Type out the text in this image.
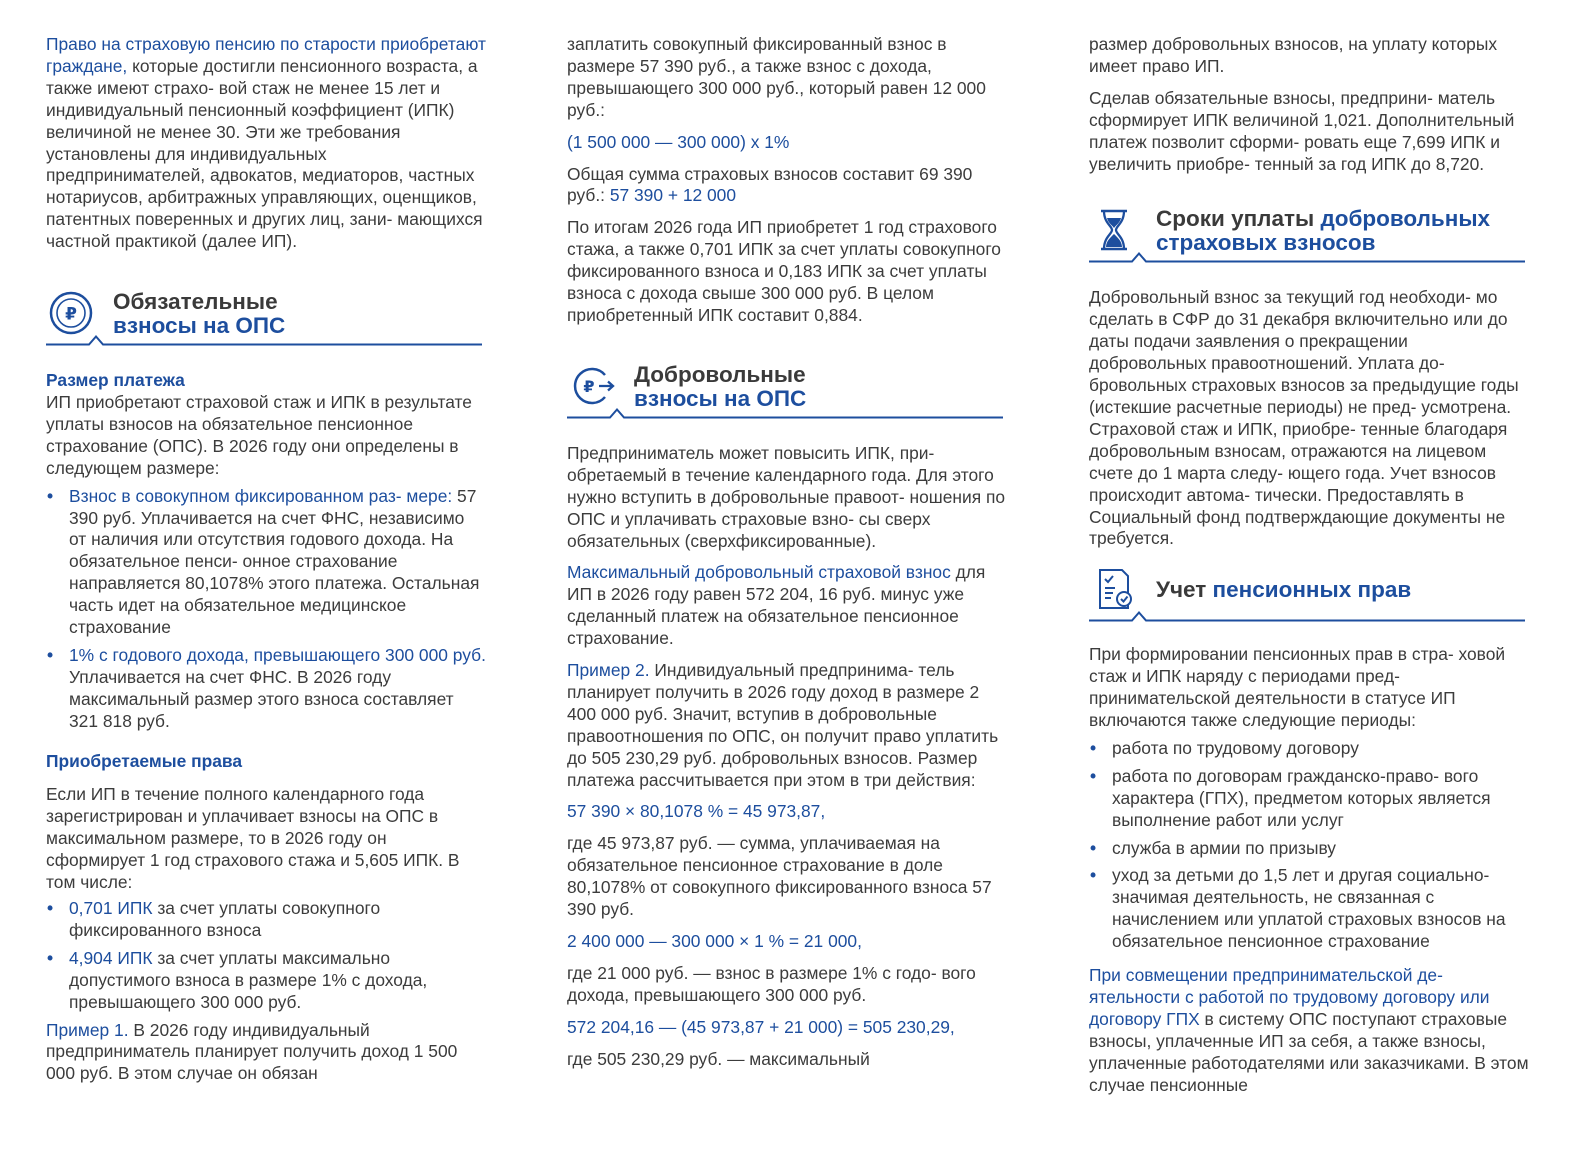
Право на страховую пенсию по старости приобретают граждане, которые достигли пенсионного возраста, а также имеют страхо- вой стаж не менее 15 лет и индивидуальный пенсионный коэффициент (ИПК) величиной не менее 30. Эти же требования установлены для индивидуальных предпринимателей, адвокатов, медиаторов, частных нотариусов, арбитражных управляющих, оценщиков, патентных поверенных и других лиц, зани- мающихся частной практикой (далее ИП).

₽
Обязательные
взносы на ОПС

Размер платежа

ИП приобретают страховой стаж и ИПК в результате уплаты взносов на обязательное пенсионное страхование (ОПС). В 2026 году они определены в следующем размере:

• Взнос в совокупном фиксированном раз- мере: 57 390 руб. Уплачивается на счет ФНС, независимо от наличия или отсутствия годового дохода. На обязательное пенси- онное страхование направляется 80,1078% этого платежа. Остальная часть идет на обязательное медицинское страхование
• 1% с годового дохода, превышающего 300 000 руб. Уплачивается на счет ФНС. В 2026 году максимальный размер этого взноса составляет 321 818 руб.

Приобретаемые права

Если ИП в течение полного календарного года зарегистрирован и уплачивает взносы на ОПС в максимальном размере, то в 2026 году он сформирует 1 год страхового стажа и 5,605 ИПК. В том числе:

• 0,701 ИПК за счет уплаты совокупного фиксированного взноса
• 4,904 ИПК за счет уплаты максимально допустимого взноса в размере 1% с дохода, превышающего 300 000 руб.

Пример 1. В 2026 году индивидуальный предприниматель планирует получить доход 1 500 000 руб. В этом случае он обязан

заплатить совокупный фиксированный взнос в размере 57 390 руб., а также взнос с дохода, превышающего 300 000 руб., который равен 12 000 руб.:

(1 500 000 — 300 000) х 1%

Общая сумма страховых взносов составит 69 390 руб.: 57 390 + 12 000

По итогам 2026 года ИП приобретет 1 год страхового стажа, а также 0,701 ИПК за счет уплаты совокупного фиксированного взноса и 0,183 ИПК за счет уплаты взноса с дохода свыше 300 000 руб. В целом приобретенный ИПК составит 0,884.

₽ Добровольные
взносы на ОПС

Предприниматель может повысить ИПК, при- обретаемый в течение календарного года. Для этого нужно вступить в добровольные правоот- ношения по ОПС и уплачивать страховые взно- сы сверх обязательных (сверхфиксированные).

Максимальный добровольный страховой взнос для ИП в 2026 году равен 572 204, 16 руб. минус уже сделанный платеж на обязательное пенсионное страхование.

Пример 2. Индивидуальный предпринима- тель планирует получить в 2026 году доход в размере 2 400 000 руб. Значит, вступив в добровольные правоотношения по ОПС, он получит право уплатить до 505 230,29 руб. добровольных взносов. Размер платежа рассчитывается при этом в три действия:

57 390 × 80,1078 % = 45 973,87,

где 45 973,87 руб. — сумма, уплачиваемая на обязательное пенсионное страхование в доле 80,1078% от совокупного фиксированного взноса 57 390 руб.

2 400 000 — 300 000 × 1 % = 21 000,

где 21 000 руб. — взнос в размере 1% с годо- вого дохода, превышающего 300 000 руб.

572 204,16 — (45 973,87 + 21 000) = 505 230,29,

где 505 230,29 руб. — максимальный

размер добровольных взносов, на уплату которых имеет право ИП.

Сделав обязательные взносы, предприни- матель сформирует ИПК величиной 1,021. Дополнительный платеж позволит сформи- ровать еще 7,699 ИПК и увеличить приобре- тенный за год ИПК до 8,720.

Сроки уплаты добровольных
страховых взносов

Добровольный взнос за текущий год необходи- мо сделать в СФР до 31 декабря включительно или до даты подачи заявления о прекращении добровольных правоотношений. Уплата до- бровольных страховых взносов за предыдущие годы (истекшие расчетные периоды) не пред- усмотрена. Страховой стаж и ИПК, приобре- тенные благодаря добровольным взносам, отражаются на лицевом счете до 1 марта следу- ющего года. Учет взносов происходит автома- тически. Предоставлять в Социальный фонд подтверждающие документы не требуется.

Учет пенсионных прав

При формировании пенсионных прав в стра- ховой стаж и ИПК наряду с периодами пред- принимательской деятельности в статусе ИП включаются также следующие периоды:

• работа по трудовому договору
• работа по договорам гражданско-право- вого характера (ГПХ), предметом которых является выполнение работ или услуг
• служба в армии по призыву
• уход за детьми до 1,5 лет и другая социально-значимая деятельность, не связанная с начислением или уплатой страховых взносов на обязательное пенсионное страхование

При совмещении предпринимательской де- ятельности с работой по трудовому договору или договору ГПХ в систему ОПС поступают страховые взносы, уплаченные ИП за себя, а также взносы, уплаченные работодателями или заказчиками. В этом случае пенсионные
